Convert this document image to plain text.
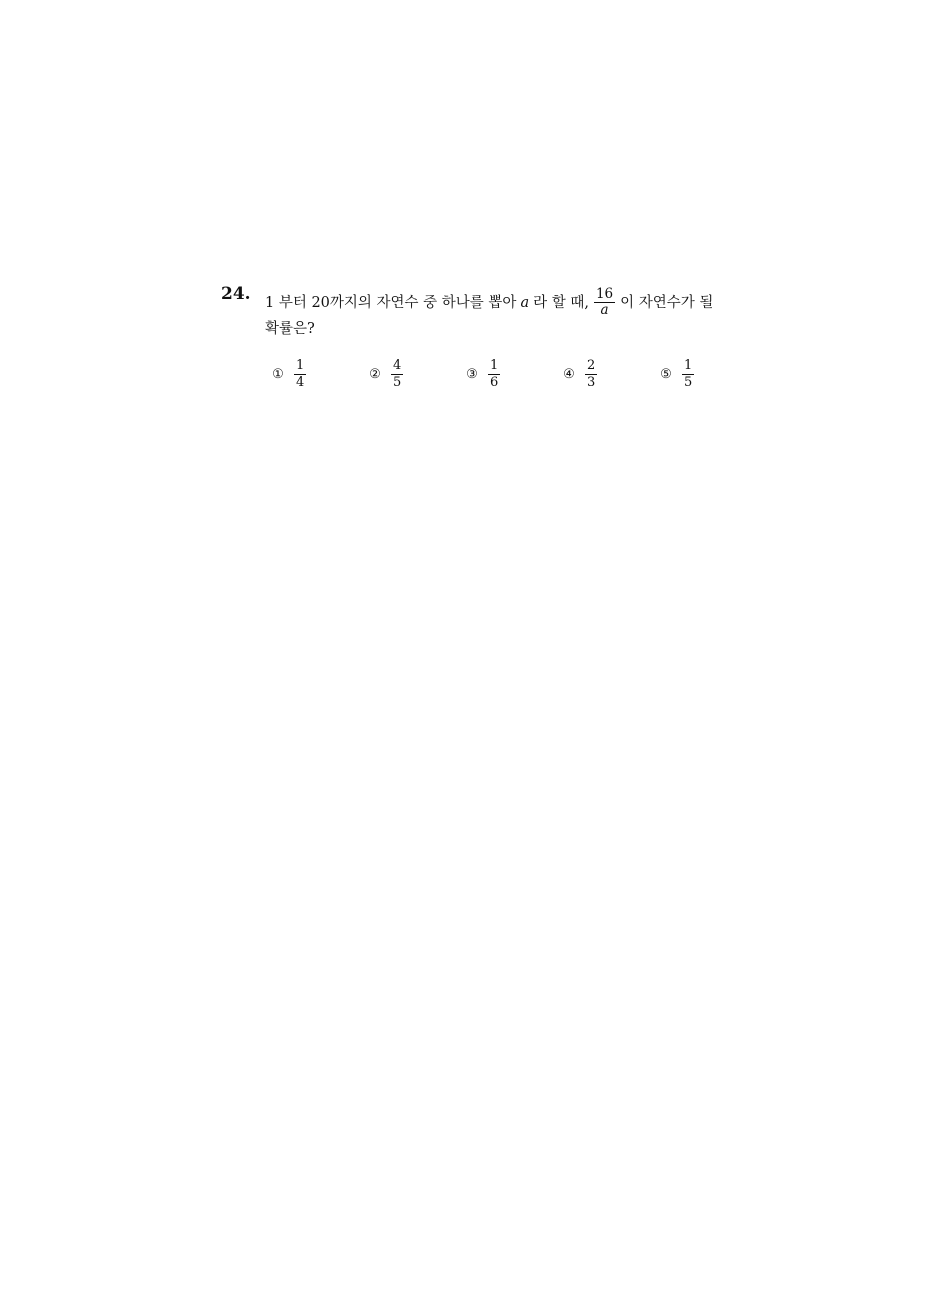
24. 1 부터 20까지의 자연수 중 하나를 뽑아 a 라 할 때, $\frac{16}{a}$ 이 자연수가 될
확률은?
① $\frac{1}{4}$	② $\frac{4}{5}$	③ $\frac{1}{6}$	④ $\frac{2}{3}$	⑤ $\frac{1}{5}$
